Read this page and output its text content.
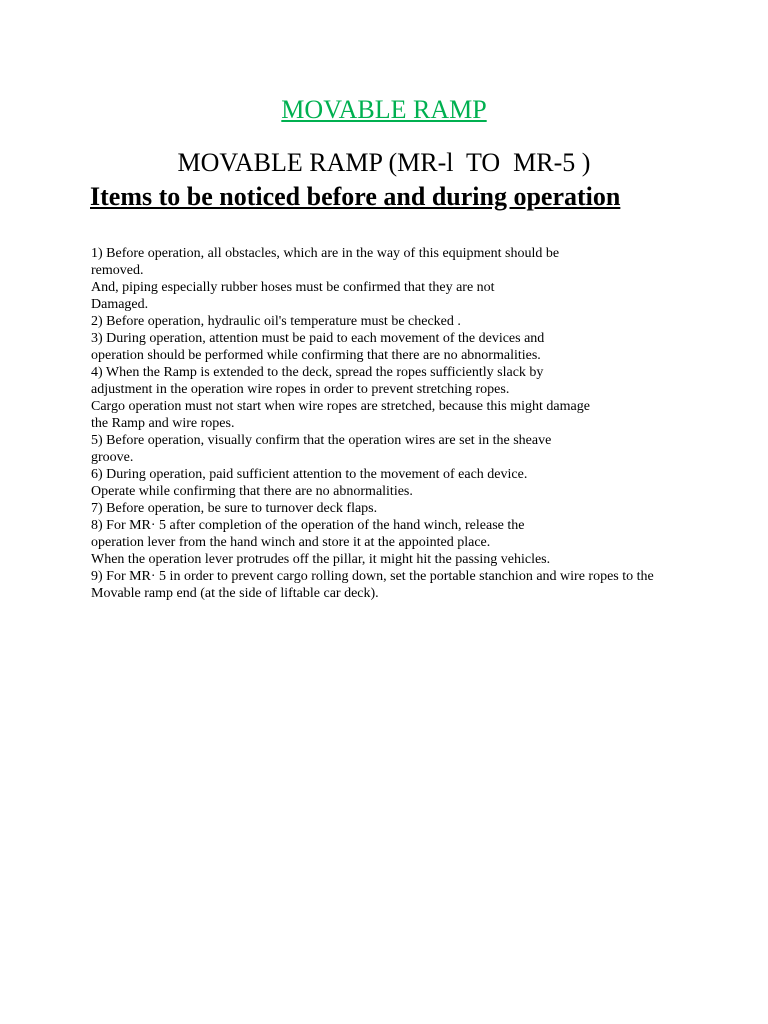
MOVABLE RAMP
MOVABLE RAMP (MR-l  TO  MR-5 )
Items to be noticed before and during operation
1) Before operation, all obstacles, which are in the way of this equipment should be
removed.
And, piping especially rubber hoses must be confirmed that they are not
Damaged.
2) Before operation, hydraulic oil's temperature must be checked .
3) During operation, attention must be paid to each movement of the devices and
operation should be performed while confirming that there are no abnormalities.
4) When the Ramp is extended to the deck, spread the ropes sufficiently slack by
adjustment in the operation wire ropes in order to prevent stretching ropes.
Cargo operation must not start when wire ropes are stretched, because this might damage
the Ramp and wire ropes.
5) Before operation, visually confirm that the operation wires are set in the sheave
groove.
6) During operation, paid sufficient attention to the movement of each device.
Operate while confirming that there are no abnormalities.
7) Before operation, be sure to turnover deck flaps.
8) For MR· 5 after completion of the operation of the hand winch, release the
operation lever from the hand winch and store it at the appointed place.
When the operation lever protrudes off the pillar, it might hit the passing vehicles.
9) For MR· 5 in order to prevent cargo rolling down, set the portable stanchion and wire ropes to the
Movable ramp end (at the side of liftable car deck).
